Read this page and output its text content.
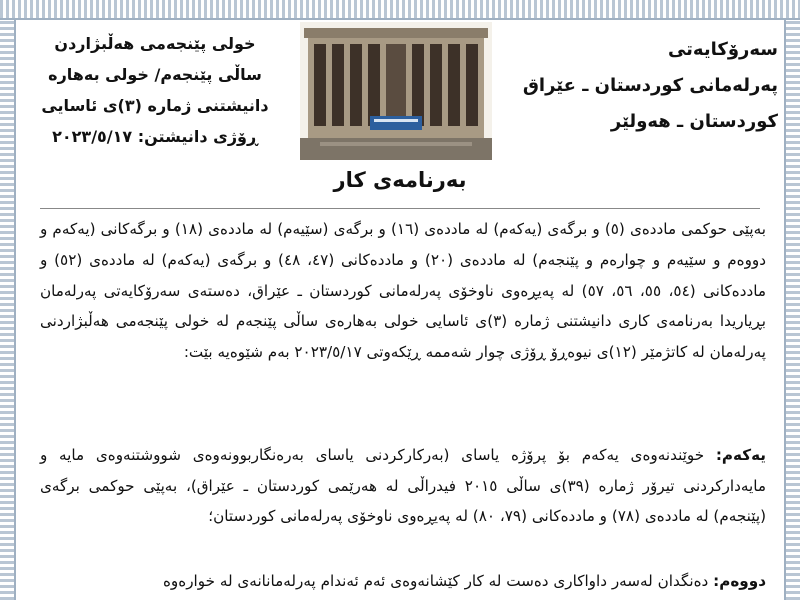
سەرۆکایەتی
پەرلەمانی کوردستان ـ عێراق
کوردستان ـ هەولێر
خولی پێنجەمی هەڵبژاردن
ساڵی پێنجەم/ خولی بەهارە
دانیشتنی ژمارە (٣)ی ئاسایی
ڕۆژی دانیشتن: ٢٠٢٣/٥/١٧
بەرنامەی کار
بەپێی حوکمی ماددەی (٥) و برگەی (یەکەم) لە ماددەی (١٦) و برگەی (سێیەم) لە ماددەی (١٨) و برگەکانی (یەکەم و دووەم و سێیەم و چوارەم و پێنجەم) لە ماددەی (٢٠) و ماددەکانی (٤٧، ٤٨) و برگەی (یەکەم) لە ماددەی (٥٢) و ماددەکانی (٥٤، ٥٥، ٥٦، ٥٧) لە پەیڕەوی ناوخۆی پەرلەمانی کوردستان ـ عێراق، دەستەی سەرۆکایەتی پەرلەمان بڕیاریدا بەرنامەی کاری دانیشتنی ژمارە (٣)ی ئاسایی خولی بەهارەی ساڵی پێنجەم لە خولی پێنجەمی هەڵبژاردنی پەرلەمان لە کاتژمێر (١٢)ی نیوەڕۆ ڕۆژی چوار شەممە ڕێکەوتی ٢٠٢٣/٥/١٧ بەم شێوەیە بێت:
یەکەم: خوێندنەوەی یەکەم بۆ پرۆژە یاسای (بەرکارکردنی یاسای بەرەنگاربوونەوەی شووشتنەوەی مایە و مایەدارکردنی تیرۆر ژمارە (٣٩)ی ساڵی ٢٠١٥ فیدراڵی لە هەرێمی کوردستان ـ عێراق)، بەپێی حوکمی برگەی (پێنجەم) لە ماددەی (٧٨) و ماددەکانی (٧٩، ٨٠) لە پەیڕەوی ناوخۆی پەرلەمانی کوردستان؛
دووەم: دەنگدان لەسەر داواکاری دەست لە کار کێشانەوەی ئەم ئەندام پەرلەمانانەی لە خوارەوە
